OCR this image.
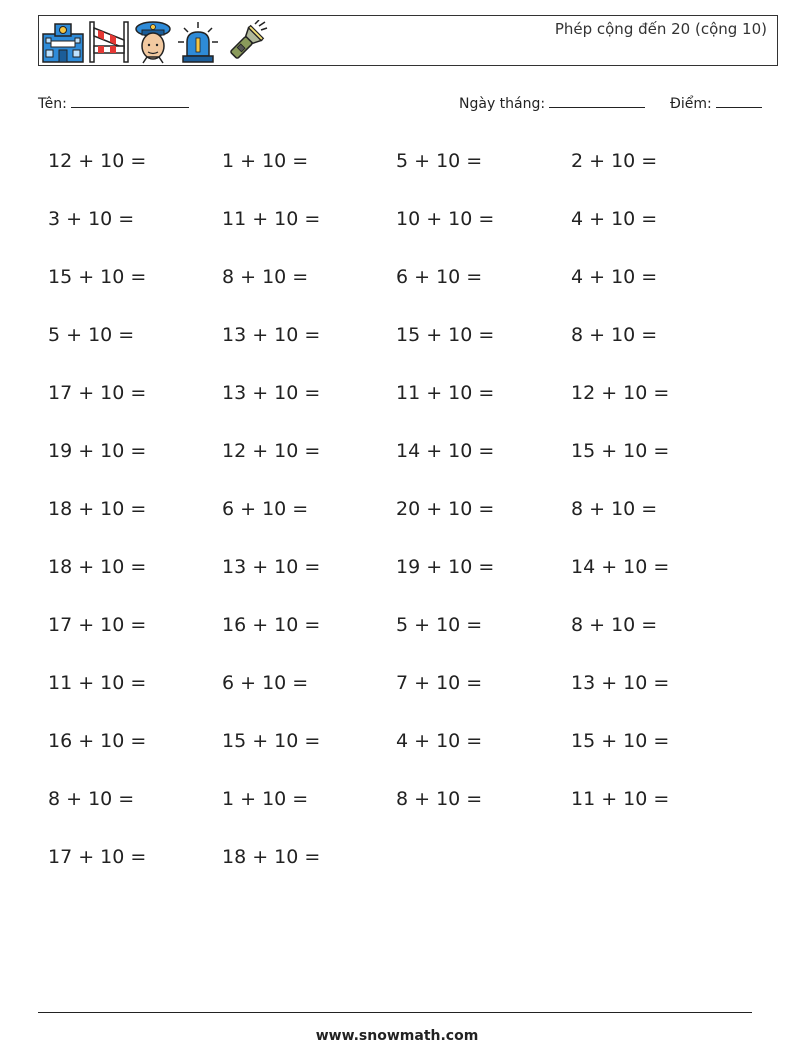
Phép cộng đến 20 (cộng 10)
Tên:	Ngày tháng:	Điểm:
12 + 10 =	1 + 10 =	5 + 10 =	2 + 10 =
3 + 10 =	11 + 10 =	10 + 10 =	4 + 10 =
15 + 10 =	8 + 10 =	6 + 10 =	4 + 10 =
5 + 10 =	13 + 10 =	15 + 10 =	8 + 10 =
17 + 10 =	13 + 10 =	11 + 10 =	12 + 10 =
19 + 10 =	12 + 10 =	14 + 10 =	15 + 10 =
18 + 10 =	6 + 10 =	20 + 10 =	8 + 10 =
18 + 10 =	13 + 10 =	19 + 10 =	14 + 10 =
17 + 10 =	16 + 10 =	5 + 10 =	8 + 10 =
11 + 10 =	6 + 10 =	7 + 10 =	13 + 10 =
16 + 10 =	15 + 10 =	4 + 10 =	15 + 10 =
8 + 10 =	1 + 10 =	8 + 10 =	11 + 10 =
17 + 10 =	18 + 10 =
www.snowmath.com
